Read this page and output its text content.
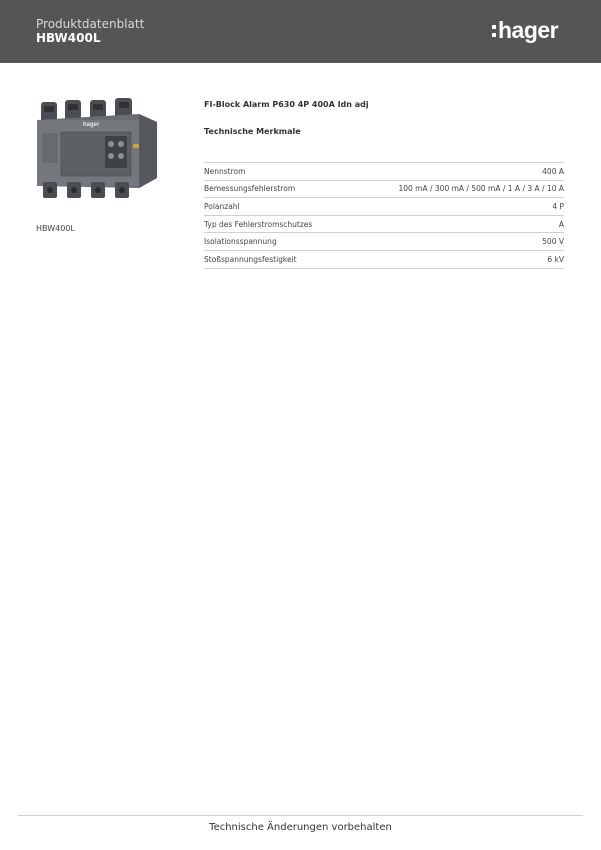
Produktdatenblatt
HBW400L	hager
hager
HBW400L
FI-Block Alarm P630 4P 400A Idn adj
Technische Merkmale
Nennstrom	400 A
Bemessungsfehlerstrom	100 mA / 300 mA / 500 mA / 1 A / 3 A / 10 A
Polanzahl	4 P
Typ des Fehlerstromschutzes	A
Isolationsspannung	500 V
Stoßspannungsfestigkeit	6 kV
Technische Änderungen vorbehalten
